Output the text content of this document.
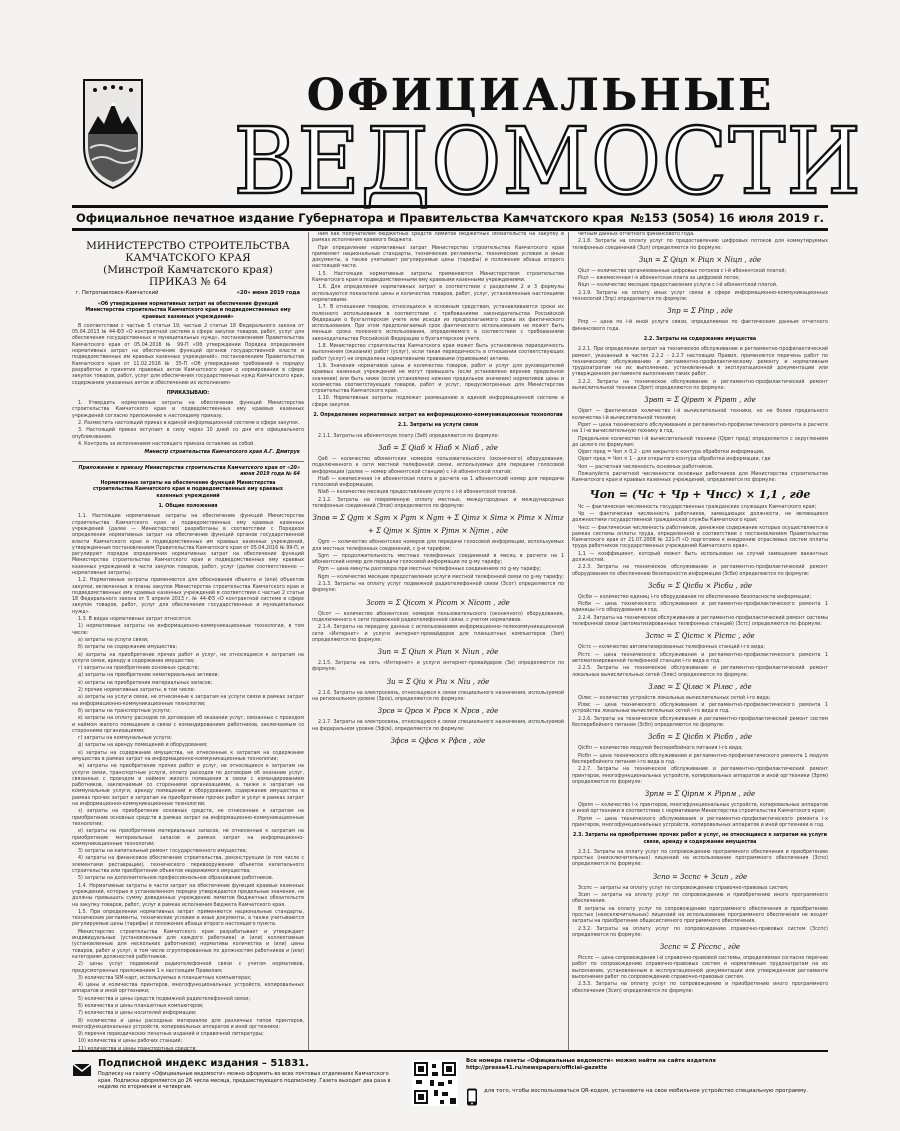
ОФИЦИАЛЬНЫЕ
ВЕДОМОСТИ
Официальное печатное издание Губернатора и Правительства Камчатского края №153 (5054) 16 июля 2019 г.
МИНИСТЕРСТВО СТРОИТЕЛЬСТВА
КАМЧАТСКОГО КРАЯ
(Минстрой Камчатского края)
ПРИКАЗ № 64
г. Петропавловск-Камчатский	«20» июня 2019 года
«Об утверждении нормативных затрат на обеспечение функций Министерства строительства Камчатского края и подведомственных ему краевых казенных учреждений»

В соответствии с частью 5 статьи 19, частью 2 статьи 18 Федерального закона от 05.04.2013 № 44-ФЗ «О контрактной системе в сфере закупок товаров, работ, услуг для обеспечения государственных и муниципальных нужд», постановлением Правительства Камчатского края от 05.04.2016 № 99-П «Об утверждении Порядка определения нормативных затрат на обеспечение функций органов государственной власти и подведомственных им краевых казенных учреждений», постановлением Правительства Камчатского края от 11.02.2016 № 35-П «Об утверждении требований к порядку разработки и принятия правовых актов Камчатского края о нормировании в сфере закупок товаров, работ, услуг для обеспечения государственных нужд Камчатского края, содержанию указанных актов и обеспечению их исполнения»

ПРИКАЗЫВАЮ:

1. Утвердить нормативные затраты на обеспечение функций Министерства строительства Камчатского края и подведомственных ему краевых казенных учреждений согласно приложению к настоящему приказу.

2. Разместить настоящий приказ в единой информационной системе в сфере закупок.

3. Настоящий приказ вступает в силу через 10 дней со дня его официального опубликования.

4. Контроль за исполнением настоящего приказа оставляю за собой.

Министр строительства Камчатского края А.Г. Дмитрук
Приложение к приказу Министерства строительства Камчатского края от «20» июня 2019 года № 64
Нормативные затраты на обеспечение функций Министерства строительства Камчатского края и подведомственных ему краевых казенных учреждений
1. Общие положения

1.1. Настоящие нормативные затраты на обеспечение функций Министерства строительства Камчатского края и подведомственных ему краевых казенных учреждений (далее — Министерство) разработаны в соответствии с Порядком определения нормативных затрат на обеспечение функций органов государственной власти Камчатского края и подведомственных им краевых казенных учреждений, утвержденным постановлением Правительства Камчатского края от 05.04.2016 № 99-П, и регулируют порядок определения нормативных затрат на обеспечение функций Министерства строительства Камчатского края и подведомственных ему краевых казенных учреждений в части закупок товаров, работ, услуг (далее соответственно — нормативные затраты).

1.2. Нормативные затраты применяются для обоснования объекта и (или) объектов закупки, включенных в планы закупок Министерства строительства Камчатского края и подведомственных ему краевых казенных учреждений в соответствии с частью 2 статьи 18 Федерального закона от 5 апреля 2013 г. № 44-ФЗ «О контрактной системе в сфере закупок товаров, работ, услуг для обеспечения государственных и муниципальных нужд».

1.3. В видах нормативных затрат относятся:

1) нормативные затраты на информационно-коммуникационные технологии, в том числе:

а) затраты на услуги связи;

б) затраты на содержание имущества;

в) затраты на приобретение прочих работ и услуг, не относящиеся к затратам на услуги связи, аренду и содержание имущества;

г) затраты на приобретение основных средств;

д) затраты на приобретение нематериальных активов;

е) затраты на приобретение материальных запасов;

2) прочие нормативные затраты, в том числе:

а) затраты на услуги связи, не отнесенные к затратам на услуги связи в рамках затрат на информационно-коммуникационные технологии;

б) затраты на транспортные услуги;

в) затраты на оплату расходов по договорам об оказании услуг, связанных с проездом и наймом жилого помещения в связи с командированием работников, заключаемым со сторонними организациями;

г) затраты на коммунальные услуги;

д) затраты на аренду помещений и оборудования;

е) затраты на содержание имущества, не отнесенные к затратам на содержание имущества в рамках затрат на информационно-коммуникационные технологии;

ж) затраты на приобретение прочих работ и услуг, не относящиеся к затратам на услуги связи, транспортные услуги, оплату расходов по договорам об оказании услуг, связанных с проездом и наймом жилого помещения в связи с командированием работников, заключаемым со сторонними организациями, а также к затратам на коммунальные услуги, аренду помещений и оборудования, содержание имущества в рамках прочих затрат и затратам на приобретение прочих работ и услуг в рамках затрат на информационно-коммуникационные технологии;

з) затраты на приобретение основных средств, не отнесенные к затратам на приобретение основных средств в рамках затрат на информационно-коммуникационные технологии;

и) затраты на приобретение материальных запасов, не отнесенные к затратам на приобретение материальных запасов в рамках затрат на информационно-коммуникационные технологии;

3) затраты на капитальный ремонт государственного имущества;

4) затраты на финансовое обеспечение строительства, реконструкции (в том числе с элементами реставрации), технического перевооружения объектов капитального строительства или приобретение объектов недвижимого имущества;

5) затраты на дополнительное профессиональное образование работников.

1.4. Нормативные затраты в части затрат на обеспечение функций краевых казенных учреждений, которые в установленном порядке утверждаются предельные значения, не должны превышать сумму доведенных учреждению лимитов бюджетных обязательств на закупку товаров, работ, услуг в рамках исполнения бюджета Камчатского края.

1.5. При определении нормативных затрат применяются национальные стандарты, технические регламенты, технические условия и иные документы, а также учитываются регулируемые цены (тарифы) и положения абзаца второго настоящего пункта.

Министерство строительства Камчатского края разрабатывает и утверждает индивидуальные (установленные для каждого работника) и (или) коллективные (установленные для нескольких работников) нормативы количества и (или) цены товаров, работ и услуг, в том числе сгруппированные по должностям работников и (или) категориям должностей работников.

2) цены услуг подвижной радиотелефонной связи с учетом нормативов, предусмотренных приложением 1 к настоящим Правилам;

3) количества SIM-карт, используемых в планшетных компьютерах;

4) цены и количества принтеров, многофункциональных устройств, копировальных аппаратов и иной оргтехники;

5) количества и цены средств подвижной радиотелефонной связи;

6) количества и цены планшетных компьютеров;

7) количества и цены носителей информации;

8) количества и цены расходных материалов для различных типов принтеров, многофункциональных устройств, копировальных аппаратов и иной оргтехники;

9) перечня периодических печатных изданий и справочной литературы;

10) количества и цены рабочих станций;

11) количества и цены транспортных средств;

ним как получателем бюджетных средств лимитов бюджетных обязательств на закупку в рамках исполнения краевого бюджета.

При определении нормативных затрат Министерство строительства Камчатского края применяет национальные стандарты, технические регламенты, технические условия и иные документы, а также учитывает регулируемые цены (тарифы) и положения абзаца второго настоящей части.

1.5. Настоящие нормативные затраты применяются Министерством строительства Камчатского края и подведомственными ему краевыми казенными учреждениями.

1.6. Для определения нормативных затрат в соответствии с разделами 2 и 3 формулы используются показатели цены и количества товаров, работ, услуг, установленные настоящими нормативами.

1.7. В отношении товаров, относящихся к основным средствам, устанавливаются сроки их полезного использования в соответствии с требованиями законодательства Российской Федерации о бухгалтерском учете или исходя из предполагаемого срока их фактического использования. При этом предполагаемый срок фактического использования не может быть меньше срока полезного использования, определяемого в соответствии с требованиями законодательства Российской Федерации о бухгалтерском учете.

1.8. Министерство строительства Камчатского края может быть установлена периодичность выполнения (оказания) работ (услуг), если такая периодичность в отношении соответствующих работ (услуг) не определена нормативными правовыми (правовыми) актами.

1.9. Значения нормативов цены и количества товаров, работ и услуг для руководителей краевых казенных учреждений не могут превышать (если установлено верхнее предельное значение) или быть ниже (если установлено нижнее предельное значение) нормативов цены и количества соответствующих товаров, работ и услуг, предусмотренных для Министерства строительства Камчатского края.

1.10. Нормативные затраты подлежат размещению в единой информационной системе в сфере закупок.

2. Определение нормативных затрат на информационно-коммуникационные технологии
2.1. Затраты на услуги связи

2.1.1. Затраты на абонентскую плату (Заб) определяются по формуле:

Заб = Σ Qiаб × Нiаб × Niаб , где

Qаб — количество абонентских номеров пользовательского (оконечного) оборудования, подключенного к сети местной телефонной связи, используемых для передачи голосовой информации (далее — номер абонентской станции) с i-й абонентской платой;

Нiаб — ежемесячная i-я абонентская плата в расчете на 1 абонентский номер для передачи голосовой информации;

Niаб — количество месяцев предоставления услуги с i-й абонентской платой.

2.1.2. Затраты на повременную оплату местных, междугородных и международных телефонных соединений (Зпов) определяются по формуле:

Зпов = Σ Qgm × Sgm × Pgm × Ngm + Σ Qimг × Simг × Pimг × Nimг + Σ Qjmн × Sjmн × Pjmн × Njmн , где

Qgm — количество абонентских номеров для передачи голосовой информации, используемых для местных телефонных соединений, с g-м тарифом;

Sgm — продолжительность местных телефонных соединений в месяц в расчете на 1 абонентский номер для передачи голосовой информации по g-му тарифу;

Pgm — цена минуты разговора при местных телефонных соединениях по g-му тарифу;

Ngm — количество месяцев предоставления услуги местной телефонной связи по g-му тарифу;

2.1.3. Затраты на оплату услуг подвижной радиотелефонной связи (Зсот) определяются по формуле:

Зсот = Σ Qiсот × Рiсот × Niсот , где

Qiсот — количество абонентских номеров пользовательского (оконечного) оборудования, подключенного к сети подвижной радиотелефонной связи, с учетом нормативов.

2.1.4. Затраты на передачу данных с использованием информационно-телекоммуникационной сети «Интернет» и услуги интернет-провайдеров для планшетных компьютеров (Зип) определяются по формуле:

Зип = Σ Qiип × Рiип × Niип , где

2.1.5. Затраты на сеть «Интернет» и услуги интернет-провайдеров (Зи) определяются по формуле:

Зи = Σ Qiи × Рiи × Niи , где

2.1.6. Затраты на электросвязь, относящуюся к связи специального назначения, используемой на региональном уровне (Зрсв), определяются по формуле:

Зрсв = Qрсв × Ррсв × Nрсв , где

2.1.7. Затраты на электросвязь, относящуюся к связи специального назначения, используемой на федеральном уровне (Зфсв), определяются по формуле:

Зфсв = Qфсв × Рфсв , где

четным данных отчетного финансового года.

2.1.8. Затраты на оплату услуг по предоставлению цифровых потоков для коммутируемых телефонных соединений (Зцп) определяются по формуле:

Зцп = Σ Qiцп × Рiцп × Niцп , где

Qiцп — количество организованных цифровых потоков с i-й абонентской платой;

Рiцп — ежемесячная i-я абонентская плата за цифровой поток;

Niцп — количество месяцев предоставления услуги с i-й абонентской платой.

2.1.9. Затраты на оплату иных услуг связи в сфере информационно-коммуникационных технологий (Зпр) определяются по формуле:

Зпр = Σ Рiпр , где

Рiпр — цена по i-й иной услуге связи, определяемая по фактическим данным отчетного финансового года.

2.2. Затраты на содержание имущества

2.2.1. При определении затрат на техническое обслуживание и регламентно-профилактический ремонт, указанный в частях 2.2.2 - 2.2.7 настоящих Правил, применяется перечень работ по техническому обслуживанию и регламентно-профилактическому ремонту и нормативным трудозатратам на их выполнение, установленный в эксплуатационной документации или утвержденном регламенте выполнения таких работ.

2.2.2. Затраты на техническое обслуживание и регламентно-профилактический ремонт вычислительной техники (Зрвт) определяются по формуле:

Зрвт = Σ Qiрвт × Рiрвт , где

Qiрвт — фактическое количество i-й вычислительной техники, но не более предельного количества i-й вычислительной техники;

Рiрвт — цена технического обслуживания и регламентно-профилактического ремонта в расчете на 1 i-ю вычислительную технику в год.

Предельное количество i-й вычислительной техники (Qiрвт пред) определяется с округлением до целого по формулам:

Qiрвт пред = Чоп × 0,2 - для закрытого контура обработки информации,

Qiрвт пред = Чоп × 1 - для открытого контура обработки информации, где

Чоп — расчетная численность основных работников.

Пожалуйста расчетной численности основных работников для Министерства строительства Камчатского края и краевых казенных учреждений, определяется по формуле:

Чоп = (Чс + Чр + Чнсс) × 1,1 , где

Чс — фактическая численность государственных гражданских служащих Камчатского края;

Чр — фактическая численность работников, замещающих должности, не являющиеся должностями государственной гражданской службы Камчатского края;

Чнсс — фактическая численность работников, денежное содержание которых осуществляется в рамках системы оплаты труда, определенной в соответствии с постановлением Правительства Камчатского края от 21.07.2008 № 221-П «О подготовке к внедрению отраслевых систем оплаты труда работников государственных учреждений Камчатского края».

1,1 — коэффициент, который может быть использован на случай замещения вакантных должностей.

2.2.3. Затраты на техническое обслуживание и регламентно-профилактический ремонт оборудования по обеспечению безопасности информации (Зсби) определяются по формуле:

Зсби = Σ Qiсби × Рiсби , где

Qiсби — количество единиц i-го оборудования по обеспечению безопасности информации;

Рiсби — цена технического обслуживания и регламентно-профилактического ремонта 1 единицы i-го оборудования в год.

2.2.4. Затраты на техническое обслуживание и регламентно-профилактический ремонт системы телефонной связи (автоматизированных телефонных станций) (Зстс) определяются по формуле:

Зстс = Σ Qiстс × Рiстс , где

Qiстс — количество автоматизированных телефонных станций i-го вида;

Рiстс — цена технического обслуживания и регламентно-профилактического ремонта 1 автоматизированной телефонной станции i-го вида в год.

2.2.5. Затраты на техническое обслуживание и регламентно-профилактический ремонт локальных вычислительных сетей (Злвс) определяются по формуле:

Злвс = Σ Qiлвс × Рiлвс , где

Qiлвс — количество устройств локальных вычислительных сетей i-го вида;

Рiлвс — цена технического обслуживания и регламентно-профилактического ремонта 1 устройства локальных вычислительных сетей i-го вида в год.

2.2.6. Затраты на техническое обслуживание и регламентно-профилактический ремонт систем бесперебойного питания (Зсбп) определяются по формуле:

Зсбп = Σ Qiсбп × Рiсбп , где

Qiсбп — количество модулей бесперебойного питания i-го вида;

Рiсбп — цена технического обслуживания и регламентно-профилактического ремонта 1 модуля бесперебойного питания i-го вида в год.

2.2.7. Затраты на техническое обслуживание и регламентно-профилактический ремонт принтеров, многофункциональных устройств, копировальных аппаратов и иной оргтехники (Зрпм) определяются по формуле:

Зрпм = Σ Qiрпм × Рiрпм , где

Qiрпм — количество i-х принтеров, многофункциональных устройств, копировальных аппаратов и иной оргтехники в соответствии с нормативами Министерства строительства Камчатского края;

Рiрпм — цена технического обслуживания и регламентно-профилактического ремонта i-х принтеров, многофункциональных устройств, копировальных аппаратов и иной оргтехники в год.

2.3. Затраты на приобретение прочих работ и услуг, не относящиеся к затратам на услуги связи, аренду и содержание имущества

2.3.1. Затраты на оплату услуг по сопровождению программного обеспечения и приобретению простых (неисключительных) лицензий на использование программного обеспечения (Зспо) определяются по формуле:

Зспо = Зсспс + Зсип , где

Зсспс — затраты на оплату услуг по сопровождению справочно-правовых систем;

Зсип — затраты на оплату услуг по сопровождению и приобретению иного программного обеспечения.

В затраты на оплату услуг по сопровождению программного обеспечения и приобретению простых (неисключительных) лицензий на использование программного обеспечения не входят затраты на приобретение общесистемного программного обеспечения.

2.3.2. Затраты на оплату услуг по сопровождению справочно-правовых систем (Зсспс) определяются по формуле:

Зсспс = Σ Рiсспс , где

Рiсспс — цена сопровождения i-й справочно-правовой системы, определяемая согласно перечню работ по сопровождению справочно-правовых систем и нормативным трудозатратам на их выполнение, установленным в эксплуатационной документации или утвержденном регламенте выполнения работ по сопровождению справочно-правовых систем.

2.3.3. Затраты на оплату услуг по сопровождению и приобретению иного программного обеспечения (Зсип) определяются по формуле:

Подписной индекс издания – 51831.
Подписку на газету «Официальные ведомости» можно оформить во всех почтовых отделениях Камчатского края. Подписка оформляется до 26 числа месяца, предшествующего подписному. Газета выходит два раза в неделю по вторникам и четвергам.
Все номера газеты «Официальные ведомости» можно найти на сайте издателя http://pressa41.ru/newspapers/official-gazette
для того, чтобы воспользоваться QR-кодом, установите на свое мобильное устройство специальную программу.
